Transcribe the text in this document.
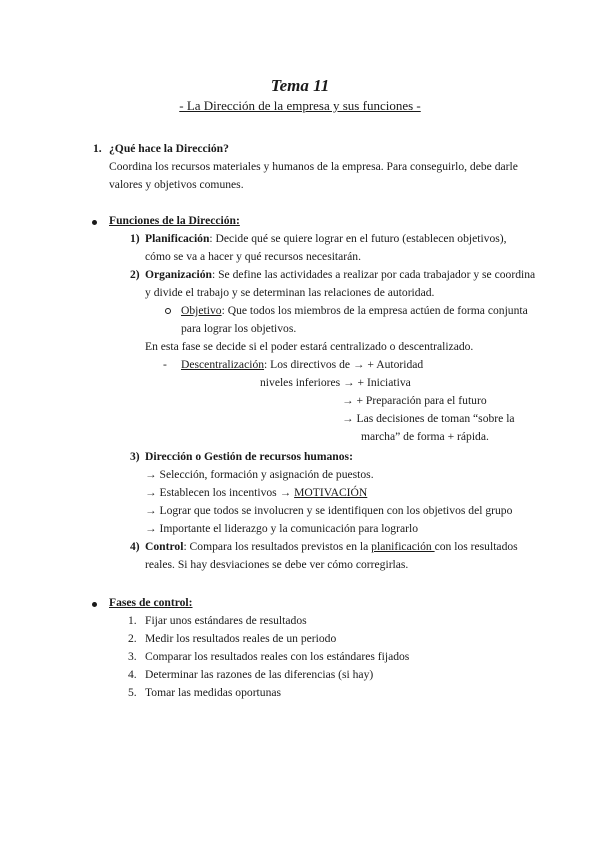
Tema 11
- La Dirección de la empresa y sus funciones -
1. ¿Qué hace la Dirección?
Coordina los recursos materiales y humanos de la empresa. Para conseguirlo, debe darle
valores y objetivos comunes.
Funciones de la Dirección:
1) Planificación: Decide qué se quiere lograr en el futuro (establecen objetivos),
cómo se va a hacer y qué recursos necesitarán.
2) Organización: Se define las actividades a realizar por cada trabajador y se coordina
y divide el trabajo y se determinan las relaciones de autoridad.
Objetivo: Que todos los miembros de la empresa actúen de forma conjunta
para lograr los objetivos.
En esta fase se decide si el poder estará centralizado o descentralizado.
- Descentralización: Los directivos de → + Autoridad
niveles inferiores → + Iniciativa
→ + Preparación para el futuro
→ Las decisiones de toman “sobre la
marcha” de forma + rápida.
3) Dirección o Gestión de recursos humanos:
→ Selección, formación y asignación de puestos.
→ Establecen los incentivos → MOTIVACIÓN
→ Lograr que todos se involucren y se identifiquen con los objetivos del grupo
→ Importante el liderazgo y la comunicación para lograrlo
4) Control: Compara los resultados previstos en la planificación con los resultados
reales. Si hay desviaciones se debe ver cómo corregirlas.
Fases de control:
1. Fijar unos estándares de resultados
2. Medir los resultados reales de un periodo
3. Comparar los resultados reales con los estándares fijados
4. Determinar las razones de las diferencias (si hay)
5. Tomar las medidas oportunas
